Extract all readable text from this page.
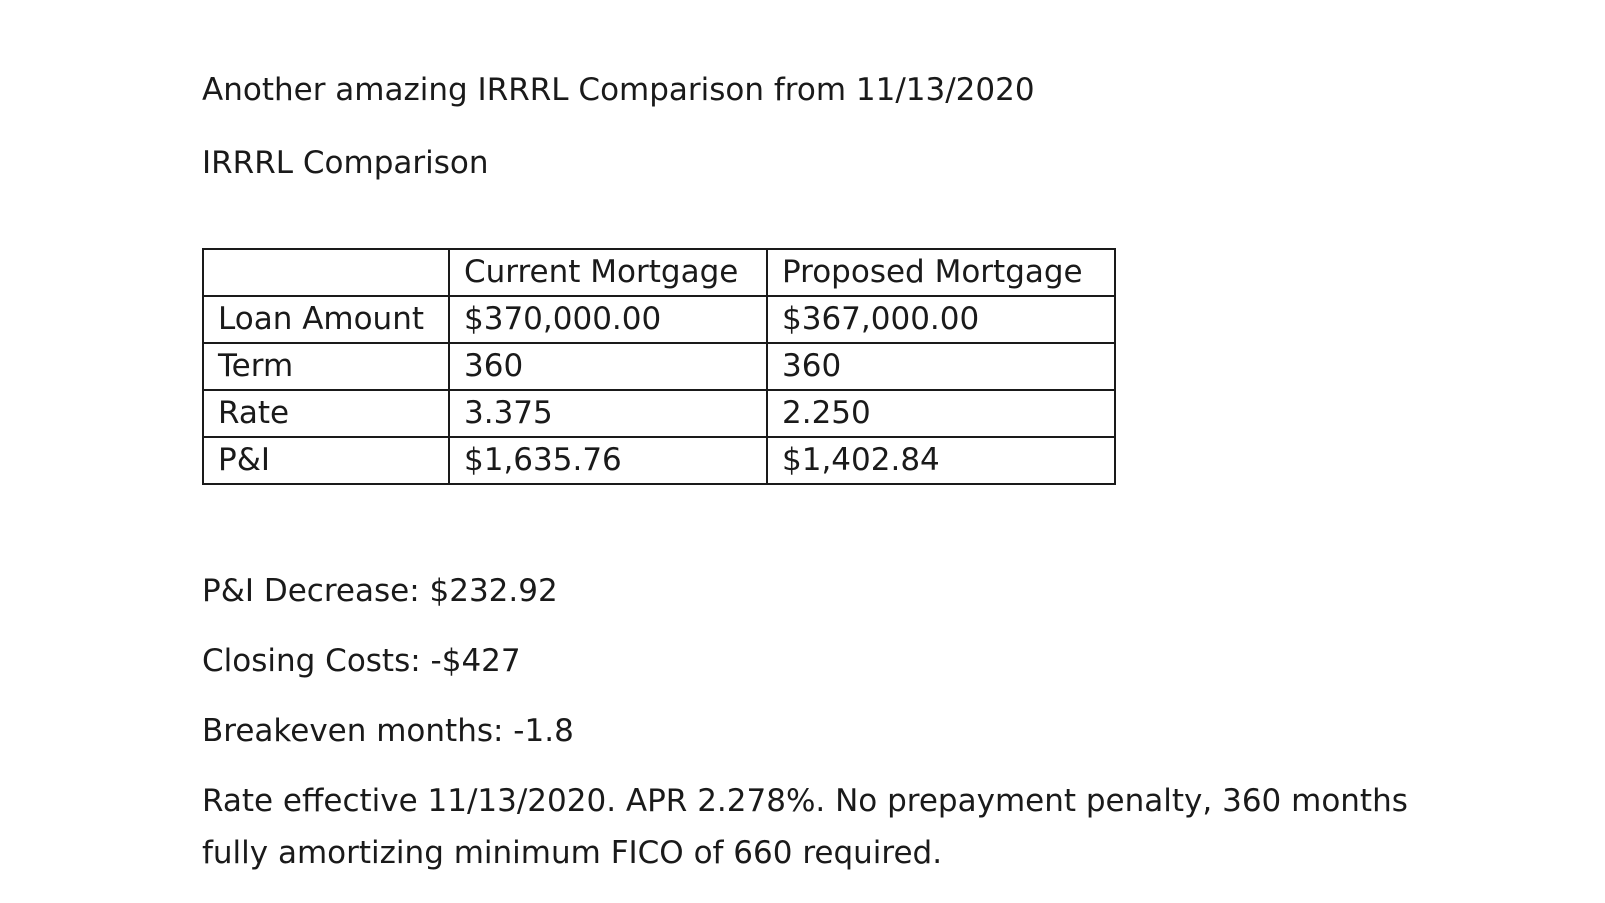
Another amazing IRRRL Comparison from 11/13/2020
IRRRL Comparison
	Current Mortgage	Proposed Mortgage
Loan Amount	$370,000.00	$367,000.00
Term	360	360
Rate	3.375	2.250
P&I	$1,635.76	$1,402.84
P&I Decrease: $232.92
Closing Costs: -$427
Breakeven months: -1.8
Rate effective 11/13/2020. APR 2.278%. No prepayment penalty, 360 months
fully amortizing minimum FICO of 660 required.
